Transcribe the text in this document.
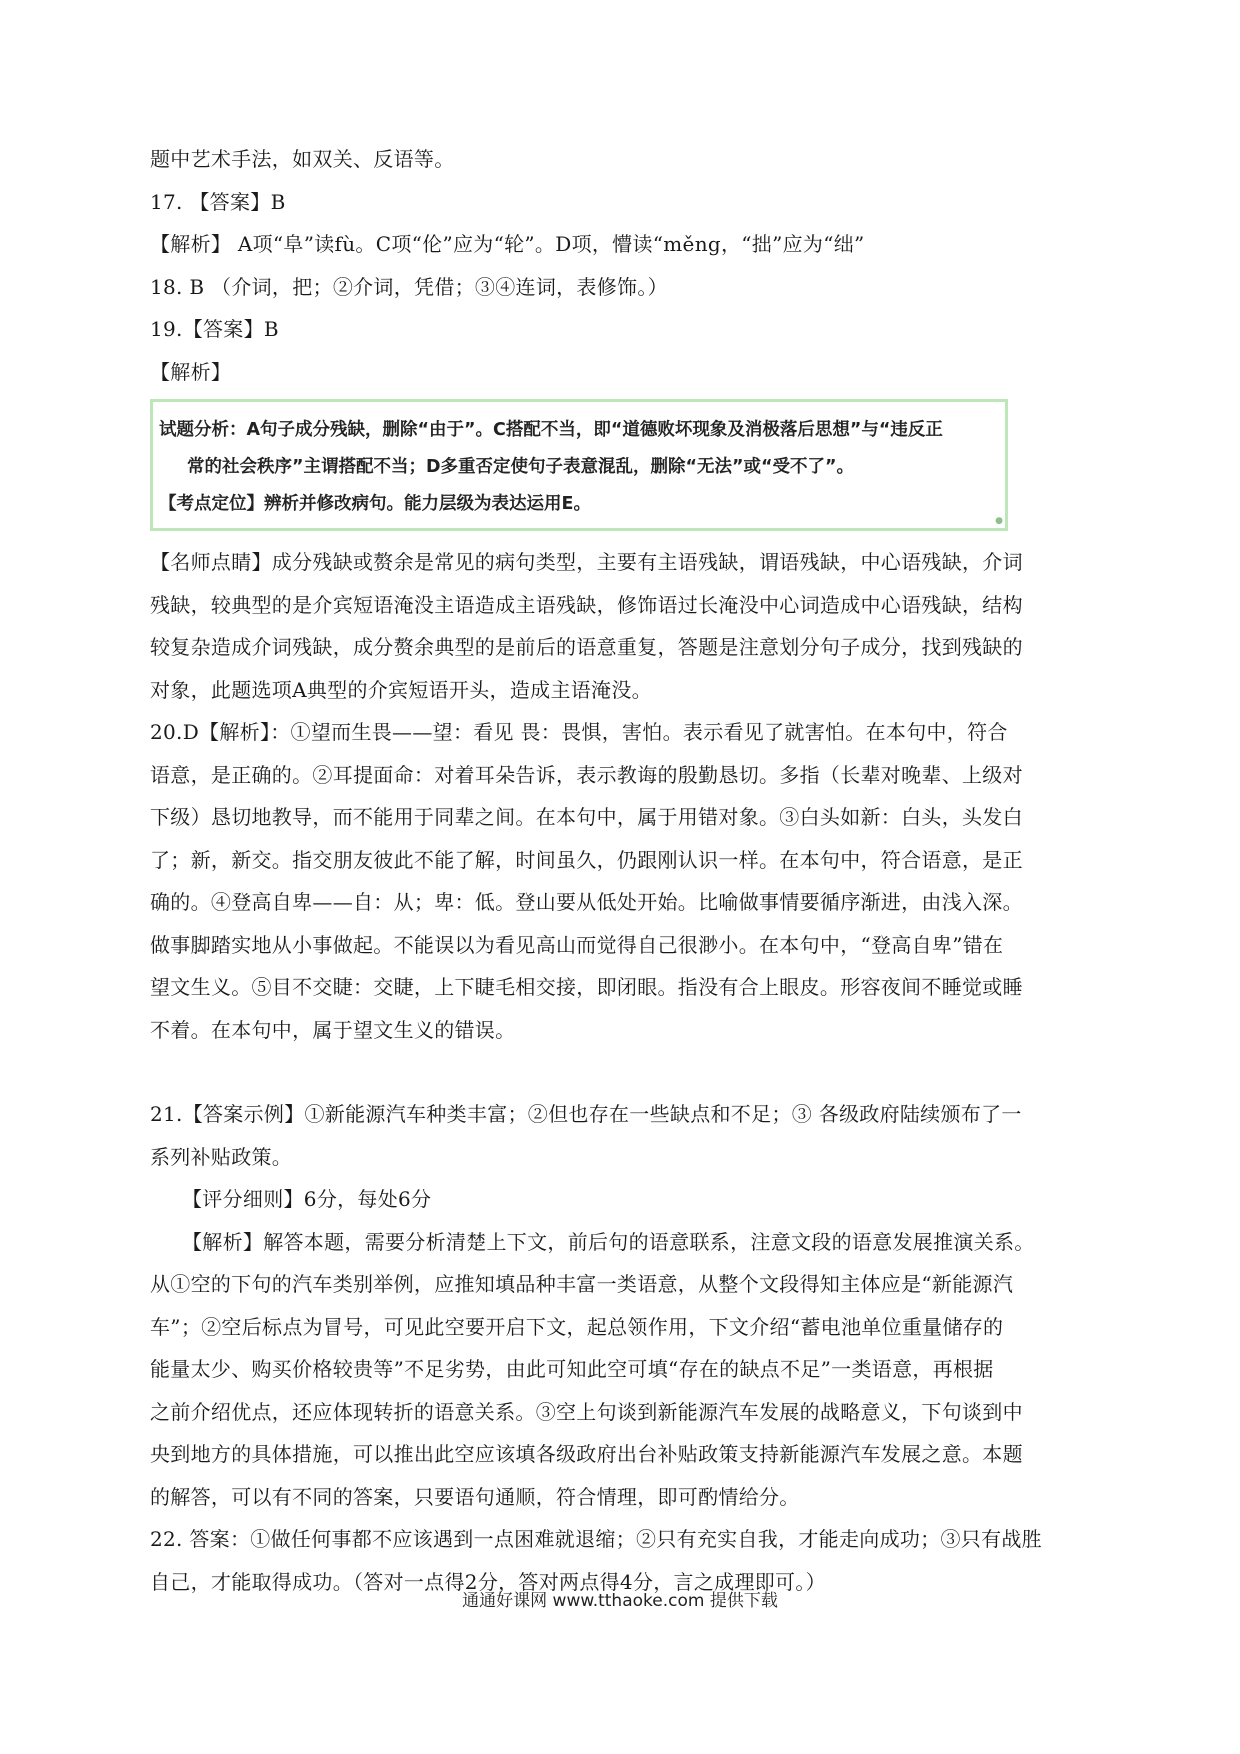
题中艺术手法，如双关、反语等。
17. 【答案】B
【解析】 A项“阜”读fù。C项“伦”应为“轮”。D项，懵读“měng，“拙”应为“绌”
18. B （介词，把；②介词，凭借；③④连词，表修饰。）
19.【答案】B
【解析】
试题分析：A句子成分残缺，删除“由于”。C搭配不当，即“道德败坏现象及消极落后思想”与“违反正
常的社会秩序”主谓搭配不当；D多重否定使句子表意混乱，删除“无法”或“受不了”。
【考点定位】辨析并修改病句。能力层级为表达运用E。
●
【名师点睛】成分残缺或赘余是常见的病句类型，主要有主语残缺，谓语残缺，中心语残缺，介词
残缺，较典型的是介宾短语淹没主语造成主语残缺，修饰语过长淹没中心词造成中心语残缺，结构
较复杂造成介词残缺，成分赘余典型的是前后的语意重复，答题是注意划分句子成分，找到残缺的
对象，此题选项A典型的介宾短语开头，造成主语淹没。
20.D【解析】：①望而生畏——望：看见 畏：畏惧，害怕。表示看见了就害怕。在本句中，符合
语意，是正确的。②耳提面命：对着耳朵告诉，表示教诲的殷勤恳切。多指（长辈对晚辈、上级对
下级）恳切地教导，而不能用于同辈之间。在本句中，属于用错对象。③白头如新：白头，头发白
了；新，新交。指交朋友彼此不能了解，时间虽久，仍跟刚认识一样。在本句中，符合语意，是正
确的。④登高自卑——自：从；卑：低。登山要从低处开始。比喻做事情要循序渐进，由浅入深。
做事脚踏实地从小事做起。不能误以为看见高山而觉得自己很渺小。在本句中，“登高自卑”错在
望文生义。⑤目不交睫：交睫，上下睫毛相交接，即闭眼。指没有合上眼皮。形容夜间不睡觉或睡
不着。在本句中，属于望文生义的错误。
21.【答案示例】①新能源汽车种类丰富；②但也存在一些缺点和不足；③ 各级政府陆续颁布了一
系列补贴政策。
【评分细则】6分，每处6分
【解析】解答本题，需要分析清楚上下文，前后句的语意联系，注意文段的语意发展推演关系。
从①空的下句的汽车类别举例，应推知填品种丰富一类语意，从整个文段得知主体应是“新能源汽
车”；②空后标点为冒号，可见此空要开启下文，起总领作用，下文介绍“蓄电池单位重量储存的
能量太少、购买价格较贵等”不足劣势，由此可知此空可填“存在的缺点不足”一类语意，再根据
之前介绍优点，还应体现转折的语意关系。③空上句谈到新能源汽车发展的战略意义，下句谈到中
央到地方的具体措施，可以推出此空应该填各级政府出台补贴政策支持新能源汽车发展之意。本题
的解答，可以有不同的答案，只要语句通顺，符合情理，即可酌情给分。
22. 答案：①做任何事都不应该遇到一点困难就退缩；②只有充实自我，才能走向成功；③只有战胜
自己，才能取得成功。（答对一点得2分，答对两点得4分，言之成理即可。）
通通好课网 www.tthaoke.com 提供下载
